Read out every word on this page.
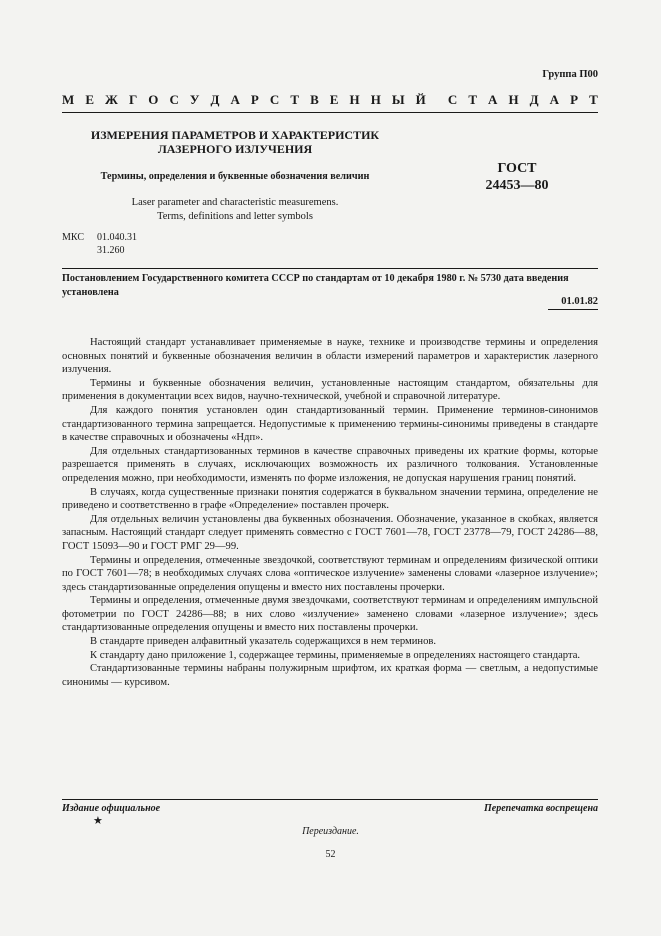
Группа П00
М Е Ж Г О С У Д А Р С Т В Е Н Н Ы Й С Т А Н Д А Р Т
ИЗМЕРЕНИЯ ПАРАМЕТРОВ И ХАРАКТЕРИСТИК
ЛАЗЕРНОГО ИЗЛУЧЕНИЯ
Термины, определения и буквенные обозначения величин
ГОСТ
24453—80
Laser parameter and characteristic measuremens.
Terms, definitions and letter symbols
МКС 01.040.31
31.260
Постановлением Государственного комитета СССР по стандартам от 10 декабря 1980 г. № 5730 дата введения установлена
01.01.82

Настоящий стандарт устанавливает применяемые в науке, технике и производстве термины и определения основных понятий и буквенные обозначения величин в области измерений параметров и характеристик лазерного излучения.

Термины и буквенные обозначения величин, установленные настоящим стандартом, обязательны для применения в документации всех видов, научно-технической, учебной и справочной литературе.

Для каждого понятия установлен один стандартизованный термин. Применение терминов-синонимов стандартизованного термина запрещается. Недопустимые к применению термины-синонимы приведены в стандарте в качестве справочных и обозначены «Ндп».

Для отдельных стандартизованных терминов в качестве справочных приведены их краткие формы, которые разрешается применять в случаях, исключающих возможность их различного толкования. Установленные определения можно, при необходимости, изменять по форме изложения, не допуская нарушения границ понятий.

В случаях, когда существенные признаки понятия содержатся в буквальном значении термина, определение не приведено и соответственно в графе «Определение» поставлен прочерк.

Для отдельных величин установлены два буквенных обозначения. Обозначение, указанное в скобках, является запасным. Настоящий стандарт следует применять совместно с ГОСТ 7601—78, ГОСТ 23778—79, ГОСТ 24286—88, ГОСТ 15093—90 и ГОСТ РМГ 29—99.

Термины и определения, отмеченные звездочкой, соответствуют терминам и определениям физической оптики по ГОСТ 7601—78; в необходимых случаях слова «оптическое излучение» заменены словами «лазерное излучение»; здесь стандартизованные определения опущены и вместо них поставлены прочерки.

Термины и определения, отмеченные двумя звездочками, соответствуют терминам и определениям импульсной фотометрии по ГОСТ 24286—88; в них слово «излучение» заменено словами «лазерное излучение»; здесь стандартизованные определения опущены и вместо них поставлены прочерки.

В стандарте приведен алфавитный указатель содержащихся в нем терминов.

К стандарту дано приложение 1, содержащее термины, применяемые в определениях настоящего стандарта.

Стандартизованные термины набраны полужирным шрифтом, их краткая форма — светлым, а недопустимые синонимы — курсивом.

Издание официальное
★
Перепечатка воспрещена
Переиздание.
52
